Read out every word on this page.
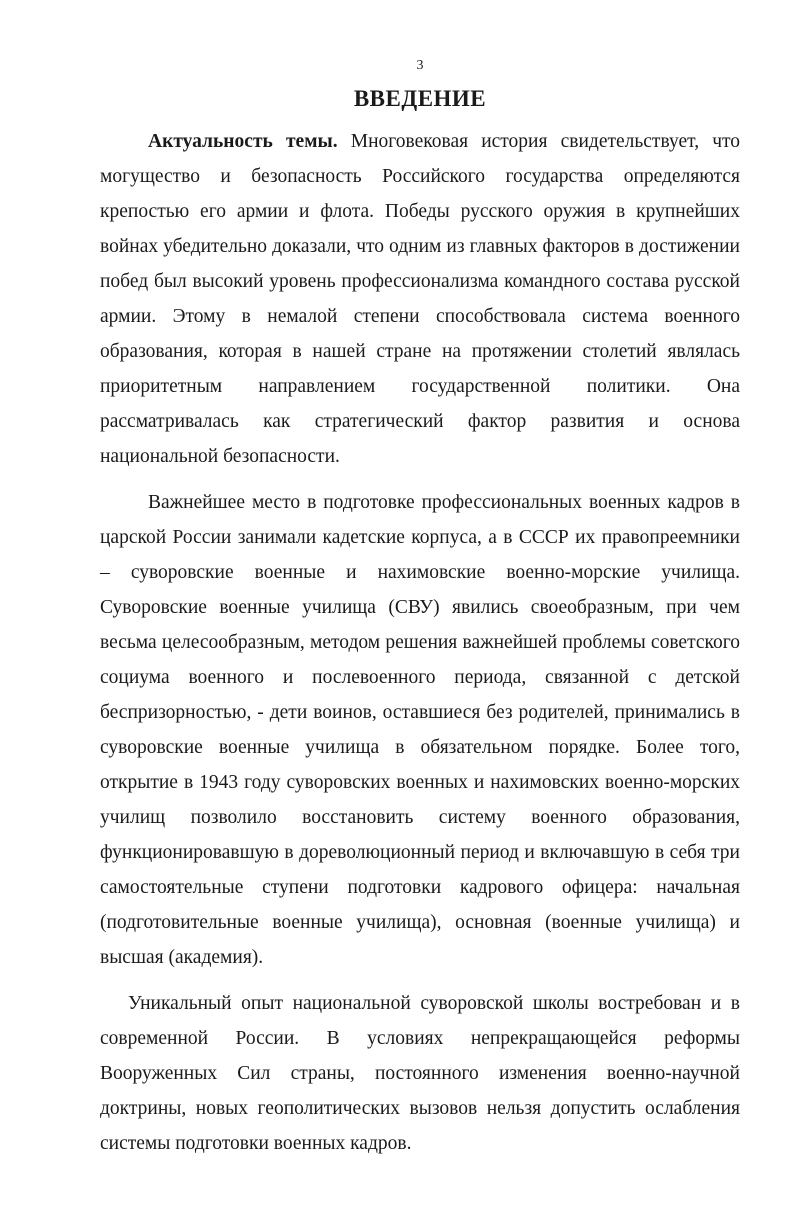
3
ВВЕДЕНИЕ

Актуальность темы. Многовековая история свидетельствует, что могущество и безопасность Российского государства определяются крепостью его армии и флота. Победы русского оружия в крупнейших войнах убедительно доказали, что одним из главных факторов в достижении побед был высокий уровень профессионализма командного состава русской армии. Этому в немалой степени способствовала система военного образования, которая в нашей стране на протяжении столетий являлась приоритетным направлением государственной политики. Она рассматривалась как стратегический фактор развития и основа национальной безопасности.

Важнейшее место в подготовке профессиональных военных кадров в царской России занимали кадетские корпуса, а в СССР их правопреемники – суворовские военные и нахимовские военно-морские училища. Суворовские военные училища (СВУ) явились своеобразным, при чем весьма целесообразным, методом решения важнейшей проблемы советского социума военного и послевоенного периода, связанной с детской беспризорностью, - дети воинов, оставшиеся без родителей, принимались в суворовские военные училища в обязательном порядке. Более того, открытие в 1943 году суворовских военных и нахимовских военно-морских училищ позволило восстановить систему военного образования, функционировавшую в дореволюционный период и включавшую в себя три самостоятельные ступени подготовки кадрового офицера: начальная (подготовительные военные училища), основная (военные училища) и высшая (академия).

Уникальный опыт национальной суворовской школы востребован и в современной России. В условиях непрекращающейся реформы Вооруженных Сил страны, постоянного изменения военно-научной доктрины, новых геополитических вызовов нельзя допустить ослабления системы подготовки военных кадров.
